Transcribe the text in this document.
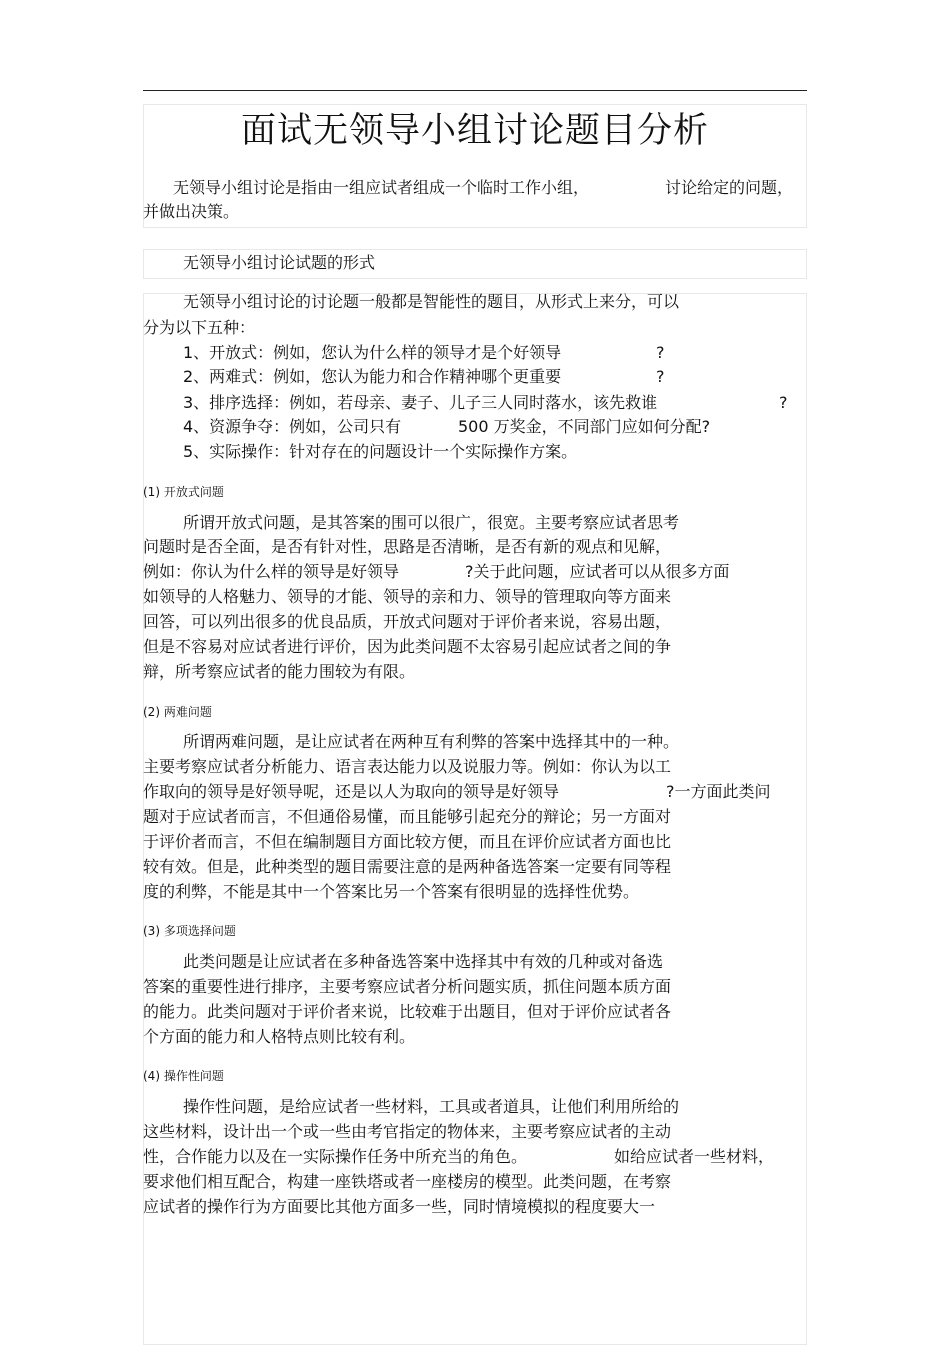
面试无领导小组讨论题目分析
无领导小组讨论是指由一组应试者组成一个临时工作小组，	讨论给定的问题，
并做出决策。
无领导小组讨论试题的形式
无领导小组讨论的讨论题一般都是智能性的题目，从形式上来分，可以
分为以下五种：
1、开放式：例如，您认为什么样的领导才是个好领导	?
2、两难式：例如，您认为能力和合作精神哪个更重要	?
3、排序选择：例如，若母亲、妻子、儿子三人同时落水，该先救谁	?
4、资源争夺：例如，公司只有	500 万奖金，不同部门应如何分配?
5、实际操作：针对存在的问题设计一个实际操作方案。
(1) 开放式问题
所谓开放式问题，是其答案的围可以很广，很宽。主要考察应试者思考
问题时是否全面，是否有针对性，思路是否清晰，是否有新的观点和见解，
例如：你认为什么样的领导是好领导	?关于此问题，应试者可以从很多方面
如领导的人格魅力、领导的才能、领导的亲和力、领导的管理取向等方面来
回答，可以列出很多的优良品质，开放式问题对于评价者来说，容易出题，
但是不容易对应试者进行评价，因为此类问题不太容易引起应试者之间的争
辩，所考察应试者的能力围较为有限。
(2) 两难问题
所谓两难问题，是让应试者在两种互有利弊的答案中选择其中的一种。
主要考察应试者分析能力、语言表达能力以及说服力等。例如：你认为以工
作取向的领导是好领导呢，还是以人为取向的领导是好领导	?一方面此类问
题对于应试者而言，不但通俗易懂，而且能够引起充分的辩论；另一方面对
于评价者而言，不但在编制题目方面比较方便，而且在评价应试者方面也比
较有效。但是，此种类型的题目需要注意的是两种备选答案一定要有同等程
度的利弊，不能是其中一个答案比另一个答案有很明显的选择性优势。
(3) 多项选择问题
此类问题是让应试者在多种备选答案中选择其中有效的几种或对备选
答案的重要性进行排序，主要考察应试者分析问题实质，抓住问题本质方面
的能力。此类问题对于评价者来说，比较难于出题目，但对于评价应试者各
个方面的能力和人格特点则比较有利。
(4) 操作性问题
操作性问题，是给应试者一些材料，工具或者道具，让他们利用所给的
这些材料，设计出一个或一些由考官指定的物体来，主要考察应试者的主动
性，合作能力以及在一实际操作任务中所充当的角色。	如给应试者一些材料，
要求他们相互配合，构建一座铁塔或者一座楼房的模型。此类问题，在考察
应试者的操作行为方面要比其他方面多一些，同时情境模拟的程度要大一
